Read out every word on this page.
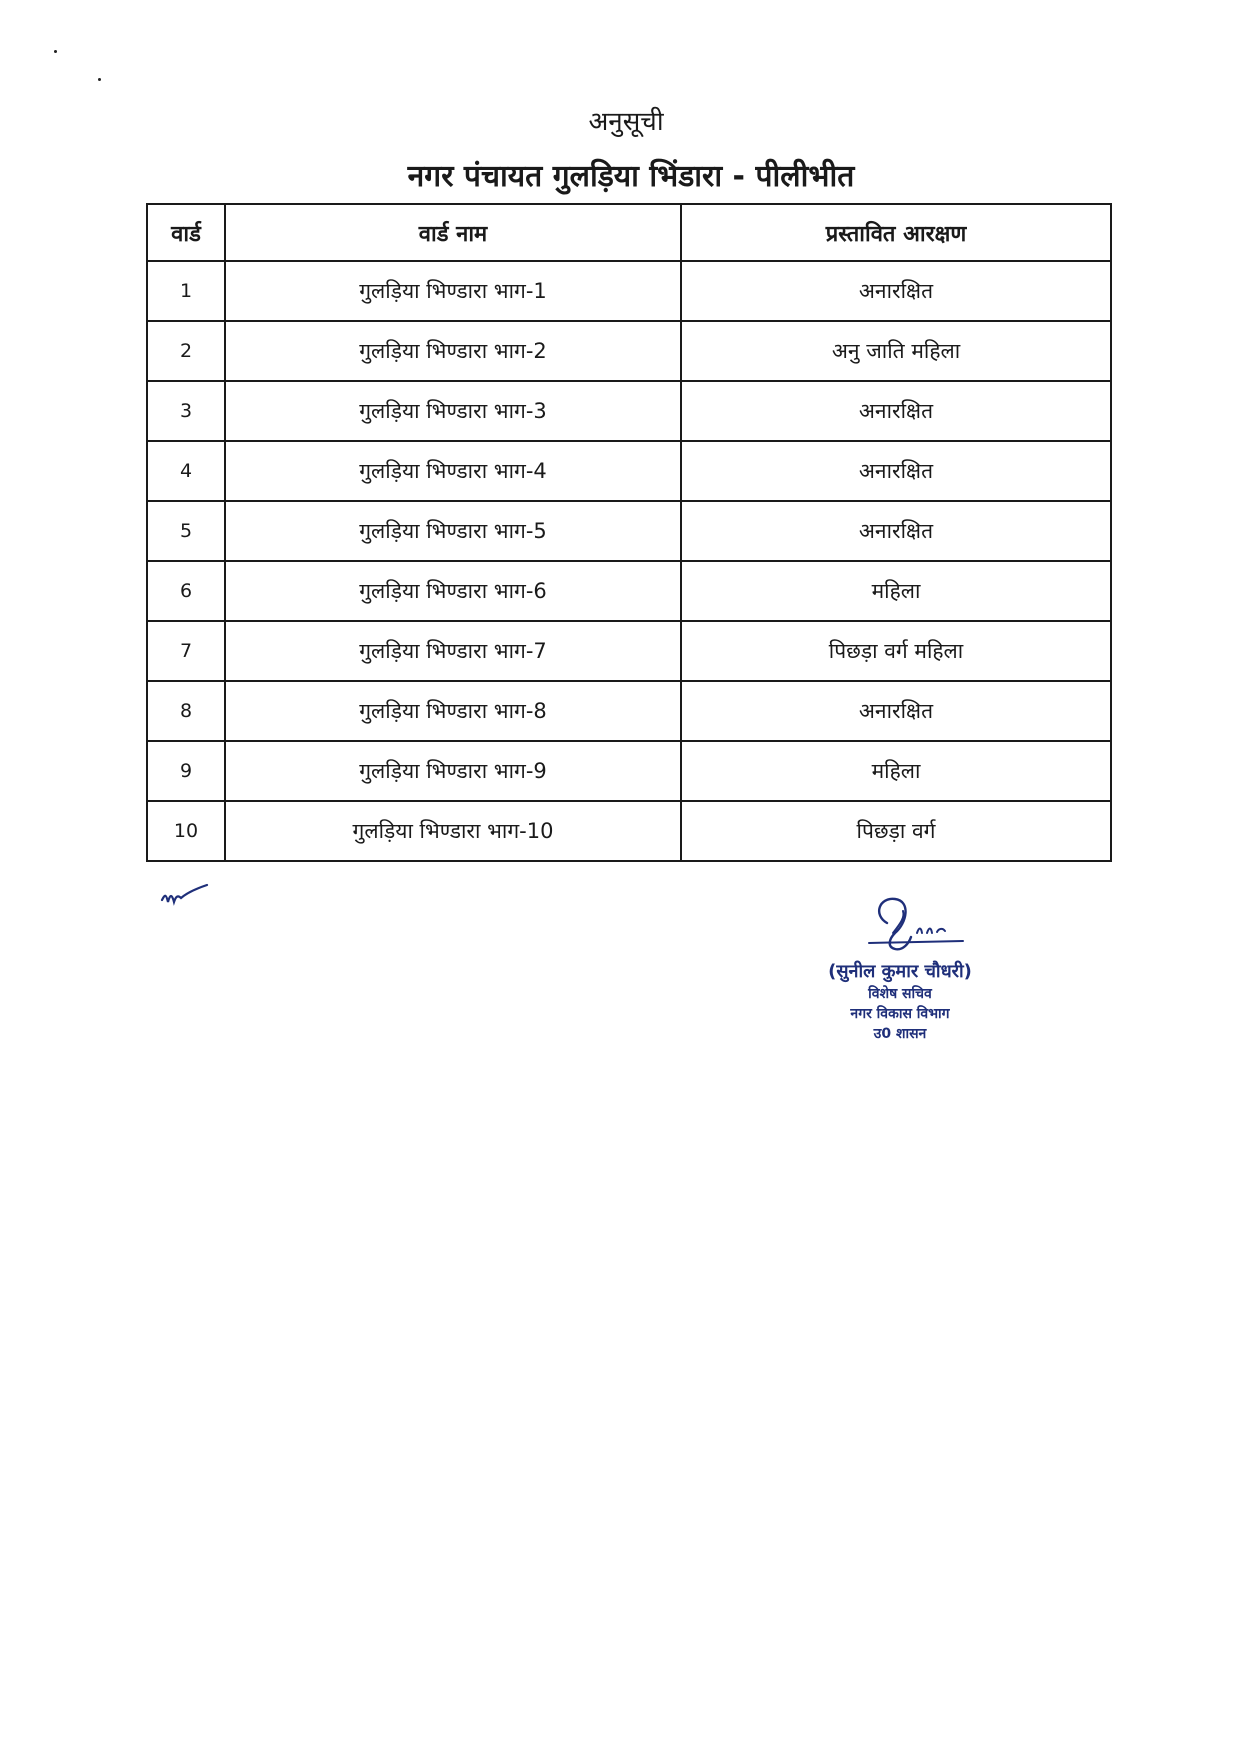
अनुसूची
नगर पंचायत गुलड़िया भिंडारा - पीलीभीत
वार्ड	वार्ड नाम	प्रस्तावित आरक्षण
1	गुलड़िया भिण्डारा भाग-1	अनारक्षित
2	गुलड़िया भिण्डारा भाग-2	अनु जाति महिला
3	गुलड़िया भिण्डारा भाग-3	अनारक्षित
4	गुलड़िया भिण्डारा भाग-4	अनारक्षित
5	गुलड़िया भिण्डारा भाग-5	अनारक्षित
6	गुलड़िया भिण्डारा भाग-6	महिला
7	गुलड़िया भिण्डारा भाग-7	पिछड़ा वर्ग महिला
8	गुलड़िया भिण्डारा भाग-8	अनारक्षित
9	गुलड़िया भिण्डारा भाग-9	महिला
10	गुलड़िया भिण्डारा भाग-10	पिछड़ा वर्ग
(सुनील कुमार चौधरी)
विशेष सचिव
नगर विकास विभाग
उ0 शासन
